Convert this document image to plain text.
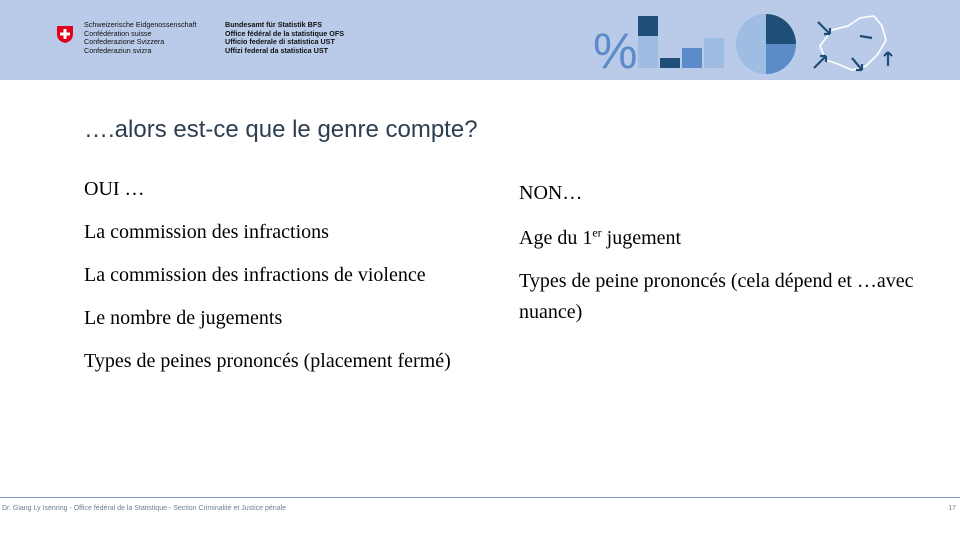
Schweizerische Eidgenossenschaft
Confédération suisse
Confederazione Svizzera
Confederaziun svizra
Bundesamt für Statistik BFS
Office fédéral de la statistique OFS
Ufficio federale di statistica UST
Uffizi federal da statistica UST	%
….alors est-ce que le genre compte?

OUI …

La commission des infractions

La commission des infractions de violence

Le nombre de jugements

Types de peines prononcés (placement fermé)

NON…

Age du 1er jugement

Types de peine prononcés (cela dépend et …avec nuance)

Dr. Giang Ly Isenring - Office fédéral de la Statistique - Section Criminalité et Justice pénale	17
